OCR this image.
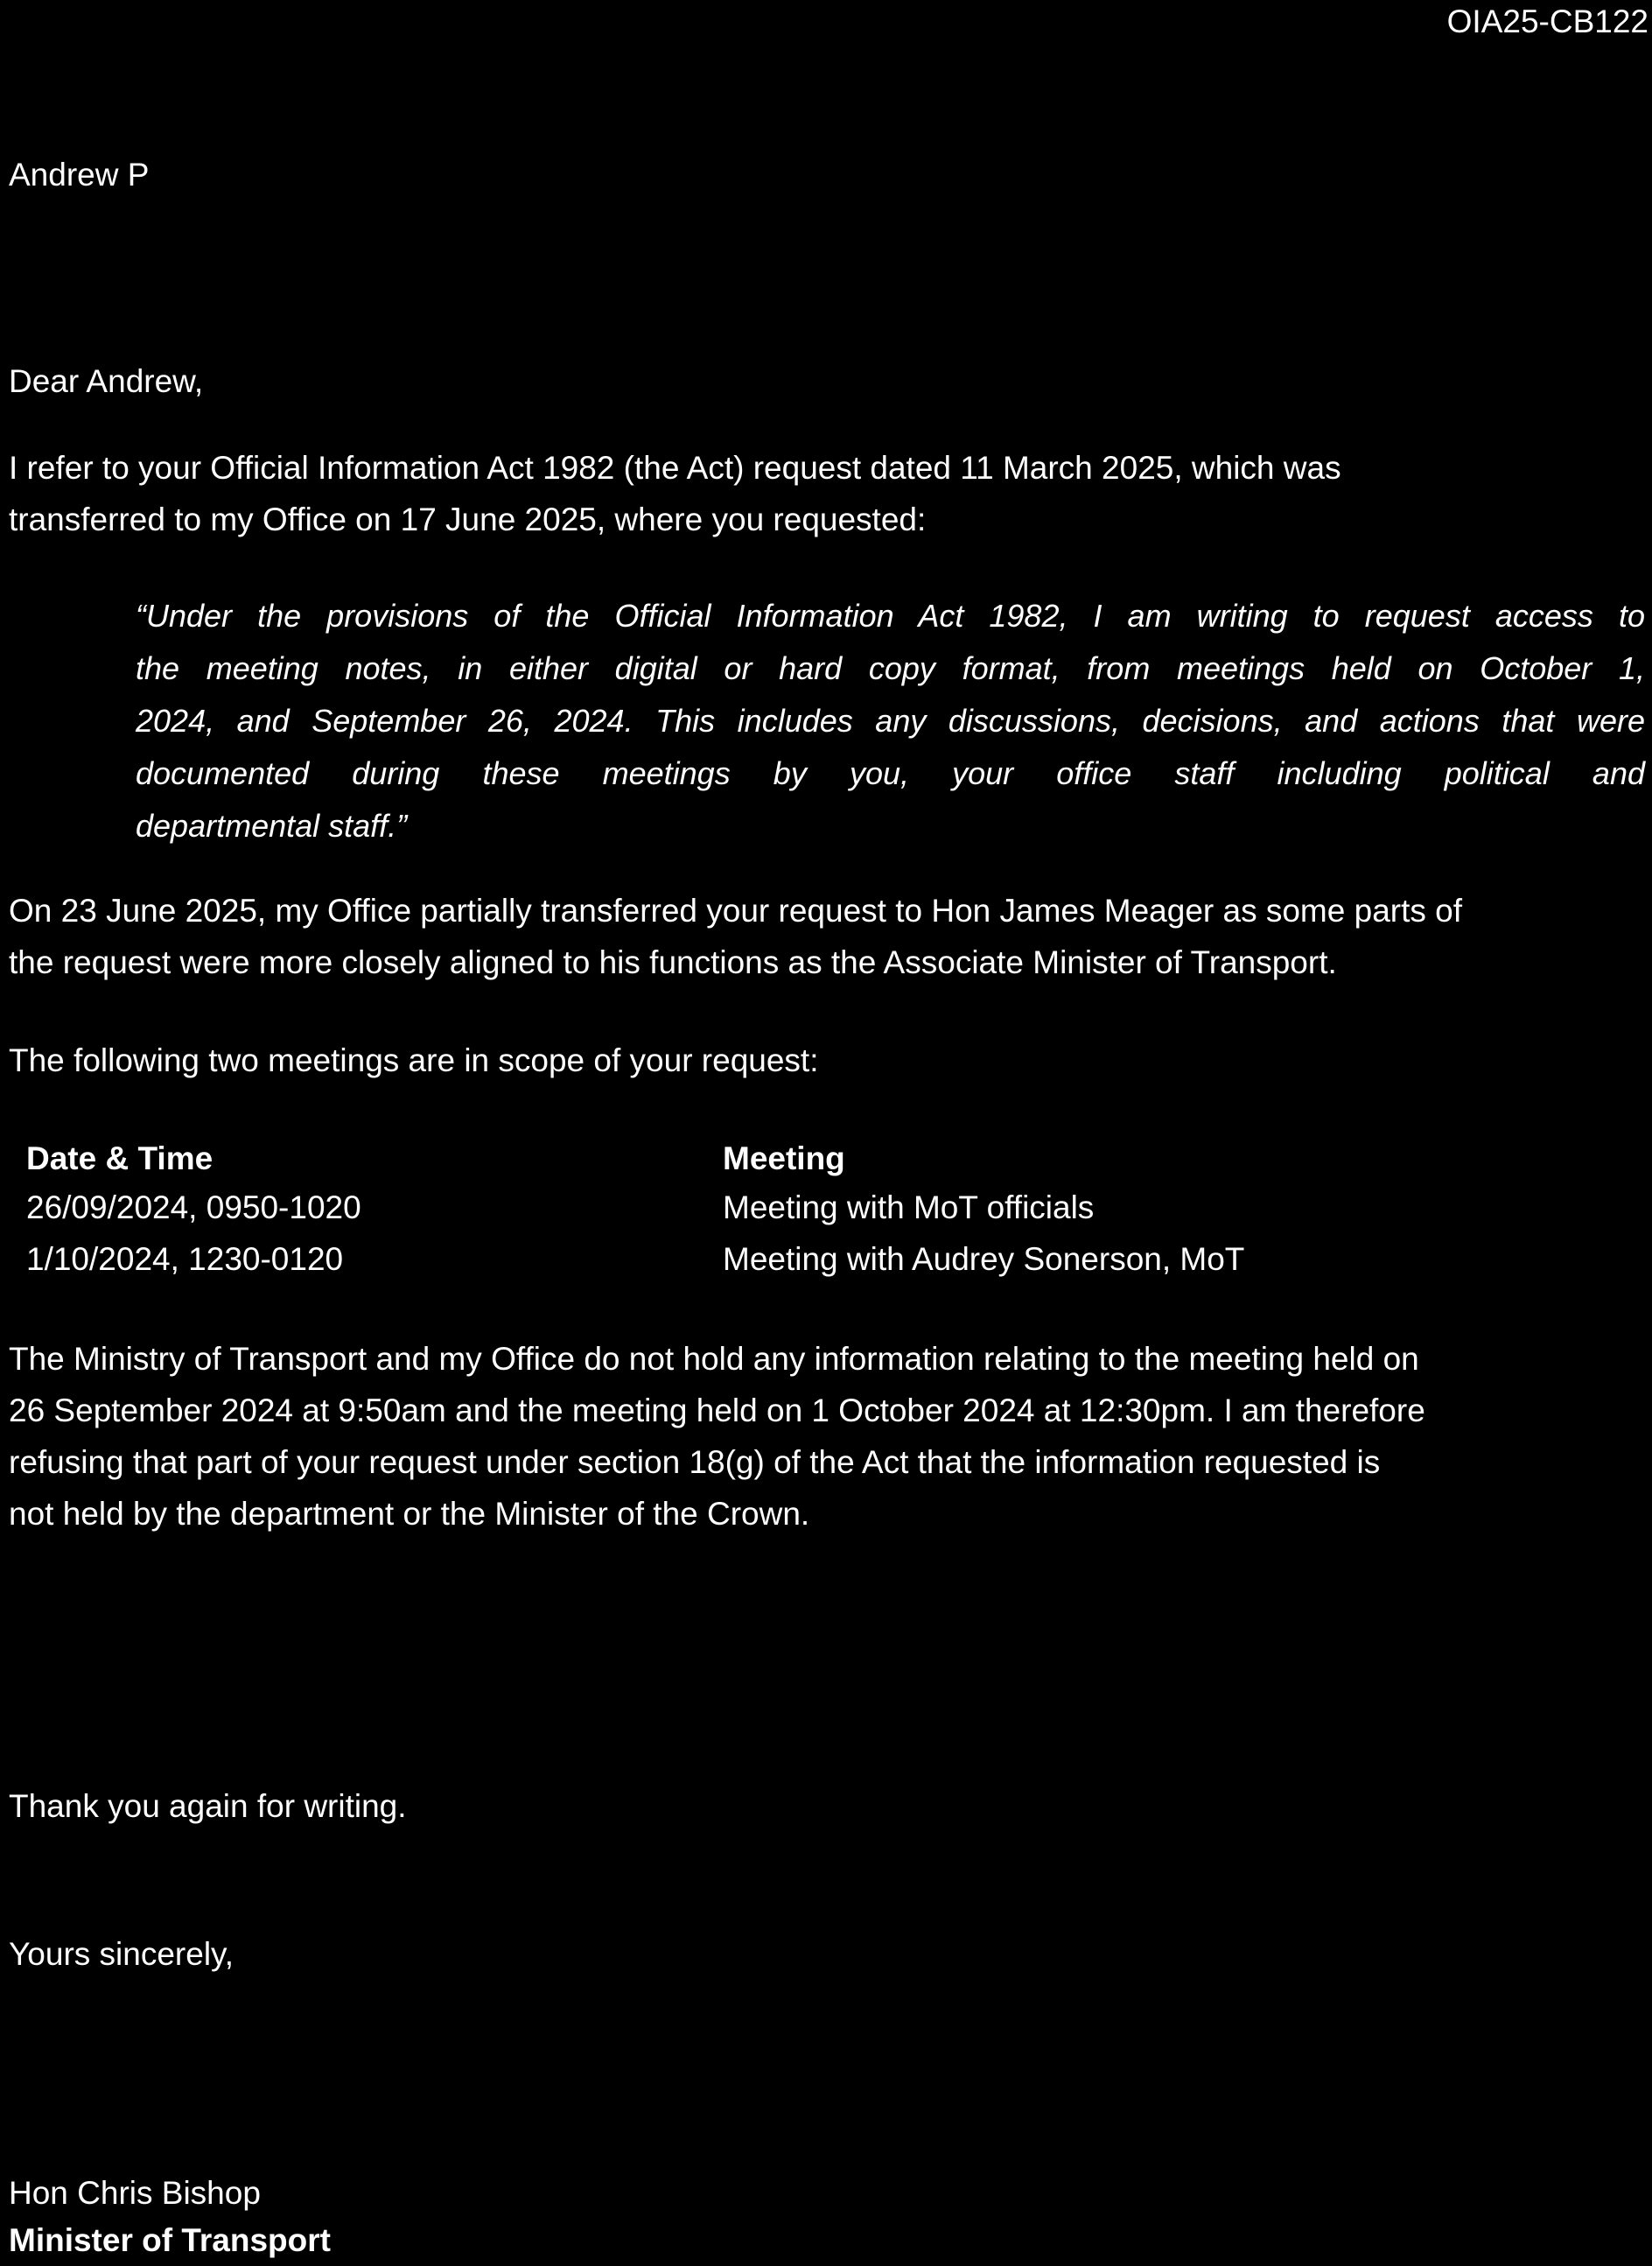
OIA25-CB122
Andrew P
Dear Andrew,
I refer to your Official Information Act 1982 (the Act) request dated 11 March 2025, which was
transferred to my Office on 17 June 2025, where you requested:
“Under the provisions of the Official Information Act 1982, I am writing to request access to
the meeting notes, in either digital or hard copy format, from meetings held on October 1,
2024, and September 26, 2024. This includes any discussions, decisions, and actions that were
documented during these meetings by you, your office staff including political and
departmental staff.”
On 23 June 2025, my Office partially transferred your request to Hon James Meager as some parts of
the request were more closely aligned to his functions as the Associate Minister of Transport.
The following two meetings are in scope of your request:
Date & Time	Meeting
26/09/2024, 0950-1020	Meeting with MoT officials
1/10/2024, 1230-0120	Meeting with Audrey Sonerson, MoT
The Ministry of Transport and my Office do not hold any information relating to the meeting held on
26 September 2024 at 9:50am and the meeting held on 1 October 2024 at 12:30pm. I am therefore
refusing that part of your request under section 18(g) of the Act that the information requested is
not held by the department or the Minister of the Crown.
Thank you again for writing.
Yours sincerely,
Hon Chris Bishop
Minister of Transport
